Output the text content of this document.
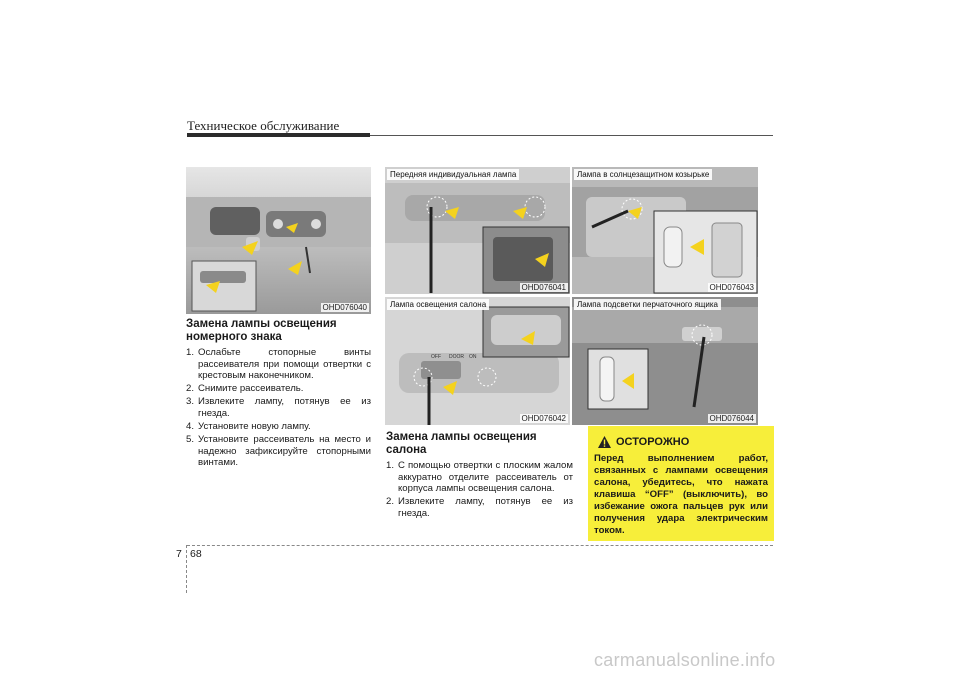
Техническое обслуживание
OHD076040
Передняя индивидуальная лампа
OHD076041
Лампа в солнцезащитном козырьке
OHD076043
Лампа освещения салона
OFF DOOR ON
OHD076042
Лампа подсветки перчаточного ящика
OHD076044
Замена лампы освещения
номерного знака
1. Ослабьте стопорные винты рассеивателя при помощи отвертки с крестовым наконечником.
2. Снимите рассеиватель.
3. Извлеките лампу, потянув ее из гнезда.
4. Установите новую лампу.
5. Установите рассеиватель на место и надежно зафиксируйте стопорными винтами.
Замена лампы освещения салона
1. С помощью отвертки с плоским жалом аккуратно отделите рассеиватель от корпуса лампы освещения салона.
2. Извлеките лампу, потянув ее из гнезда.
ОСТОРОЖНО
Перед выполнением работ, связанных с лампами освещения салона, убедитесь, что нажата клавиша “OFF” (выключить), во избежание ожога пальцев рук или получения удара электрическим током.
7 68
carmanualsonline.info
